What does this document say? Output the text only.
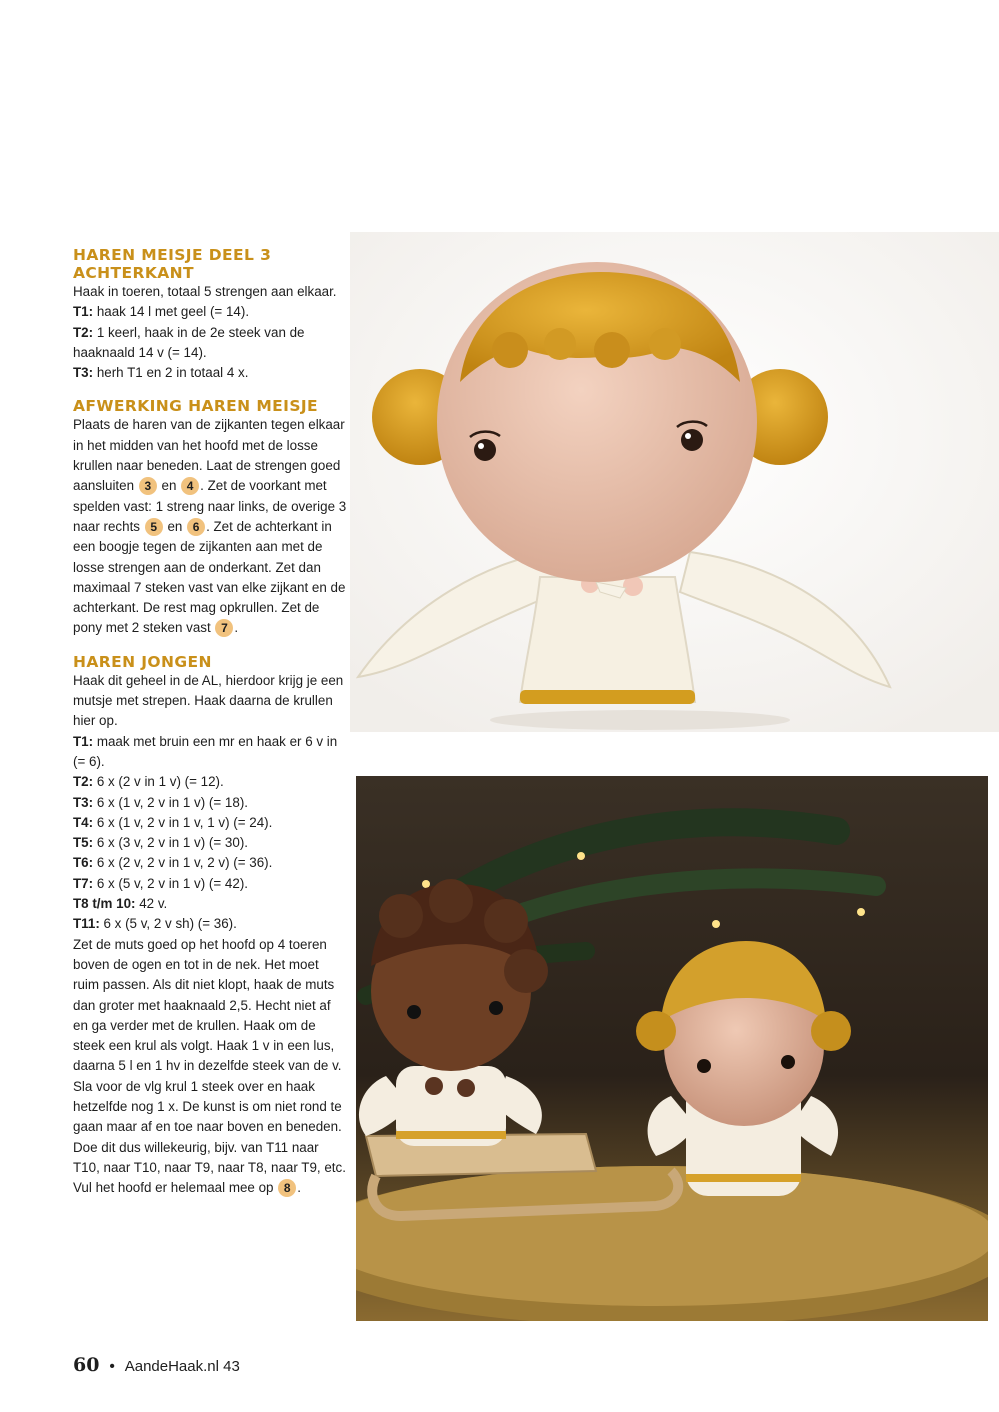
HAREN MEISJE DEEL 3
ACHTERKANT

Haak in toeren, totaal 5 strengen aan elkaar.

T1: haak 14 l met geel (= 14).

T2: 1 keerl, haak in de 2e steek van de haaknaald 14 v (= 14).

T3: herh T1 en 2 in totaal 4 x.

AFWERKING HAREN MEISJE

Plaats de haren van de zijkanten tegen elkaar in het midden van het hoofd met de losse krullen naar beneden. Laat de strengen goed aansluiten 3 en 4 . Zet de voorkant met spelden vast: 1 streng naar links, de overige 3 naar rechts 5 en 6 . Zet de achterkant in een boogje tegen de zijkanten aan met de losse strengen aan de onderkant. Zet dan maximaal 7 steken vast van elke zijkant en de achterkant. De rest mag opkrullen. Zet de pony met 2 steken vast 7 .

HAREN JONGEN

Haak dit geheel in de AL, hierdoor krijg je een mutsje met strepen. Haak daarna de krullen hier op.

T1: maak met bruin een mr en haak er 6 v in (= 6).

T2: 6 x (2 v in 1 v) (= 12).

T3: 6 x (1 v, 2 v in 1 v) (= 18).

T4: 6 x (1 v, 2 v in 1 v, 1 v) (= 24).

T5: 6 x (3 v, 2 v in 1 v) (= 30).

T6: 6 x (2 v, 2 v in 1 v, 2 v) (= 36).

T7: 6 x (5 v, 2 v in 1 v) (= 42).

T8 t/m 10: 42 v.

T11: 6 x (5 v, 2 v sh) (= 36).

Zet de muts goed op het hoofd op 4 toeren boven de ogen en tot in de nek. Het moet ruim passen. Als dit niet klopt, haak de muts dan groter met haaknaald 2,5. Hecht niet af en ga verder met de krullen. Haak om de steek een krul als volgt. Haak 1 v in een lus, daarna 5 l en 1 hv in dezelfde steek van de v. Sla voor de vlg krul 1 steek over en haak hetzelfde nog 1 x. De kunst is om niet rond te gaan maar af en toe naar boven en beneden. Doe dit dus willekeurig, bijv. van T11 naar T10, naar T10, naar T9, naar T8, naar T9, etc. Vul het hoofd er helemaal mee op 8 .

60 • AandeHaak.nl 43
